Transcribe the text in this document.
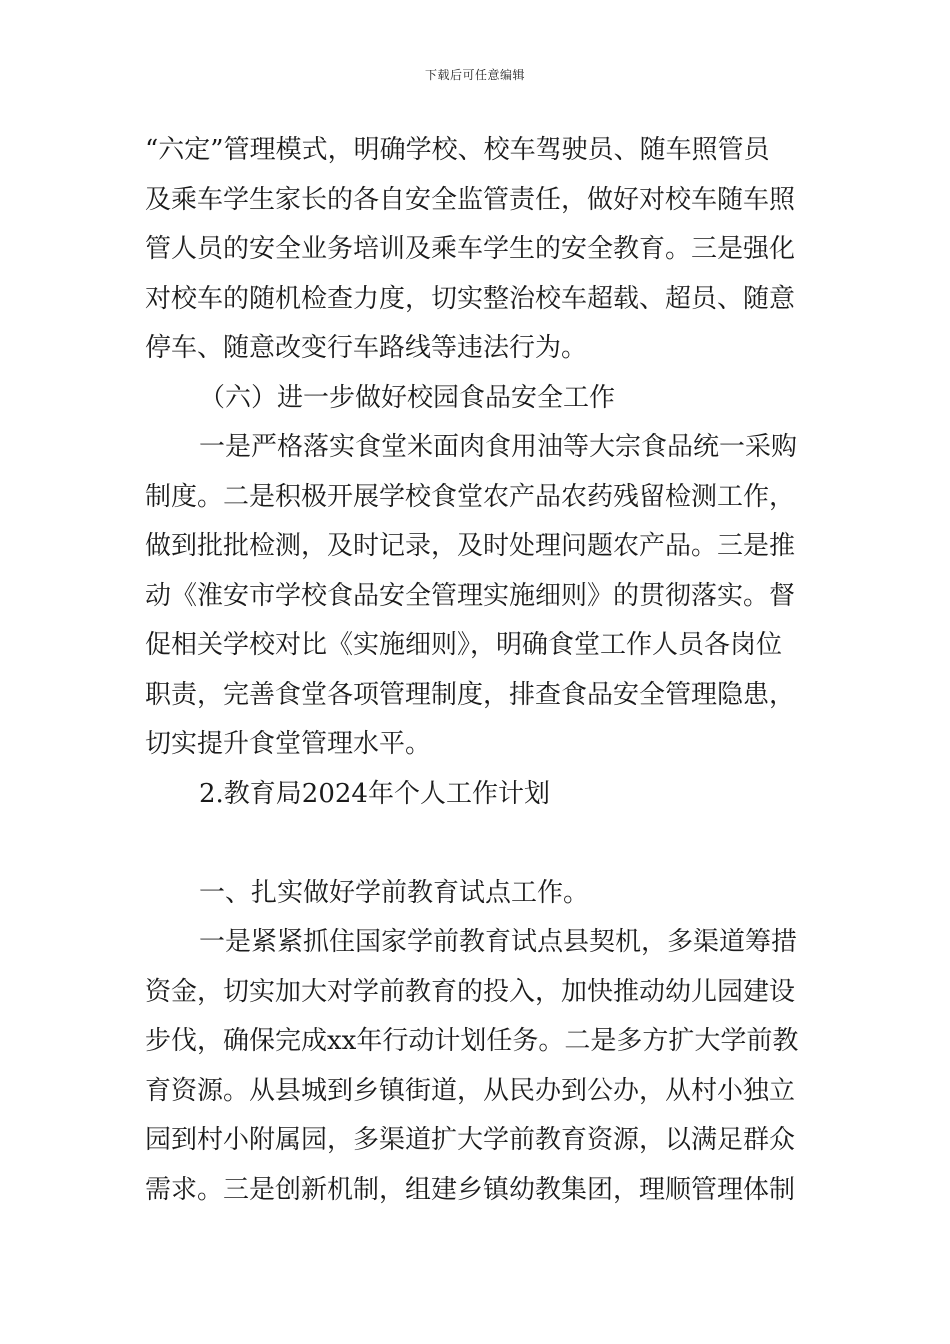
下载后可任意编辑
“六定”管理模式，明确学校、校车驾驶员、随车照管员
及乘车学生家长的各自安全监管责任，做好对校车随车照
管人员的安全业务培训及乘车学生的安全教育。三是强化
对校车的随机检查力度，切实整治校车超载、超员、随意
停车、随意改变行车路线等违法行为。
（六）进一步做好校园食品安全工作
一是严格落实食堂米面肉食用油等大宗食品统一采购
制度。二是积极开展学校食堂农产品农药残留检测工作，
做到批批检测，及时记录，及时处理问题农产品。三是推
动《淮安市学校食品安全管理实施细则》的贯彻落实。督
促相关学校对比《实施细则》，明确食堂工作人员各岗位
职责，完善食堂各项管理制度，排查食品安全管理隐患，
切实提升食堂管理水平。
2.教育局2024年个人工作计划
一、扎实做好学前教育试点工作。
一是紧紧抓住国家学前教育试点县契机，多渠道筹措
资金，切实加大对学前教育的投入，加快推动幼儿园建设
步伐，确保完成xx年行动计划任务。二是多方扩大学前教
育资源。从县城到乡镇街道，从民办到公办，从村小独立
园到村小附属园，多渠道扩大学前教育资源，以满足群众
需求。三是创新机制，组建乡镇幼教集团，理顺管理体制
